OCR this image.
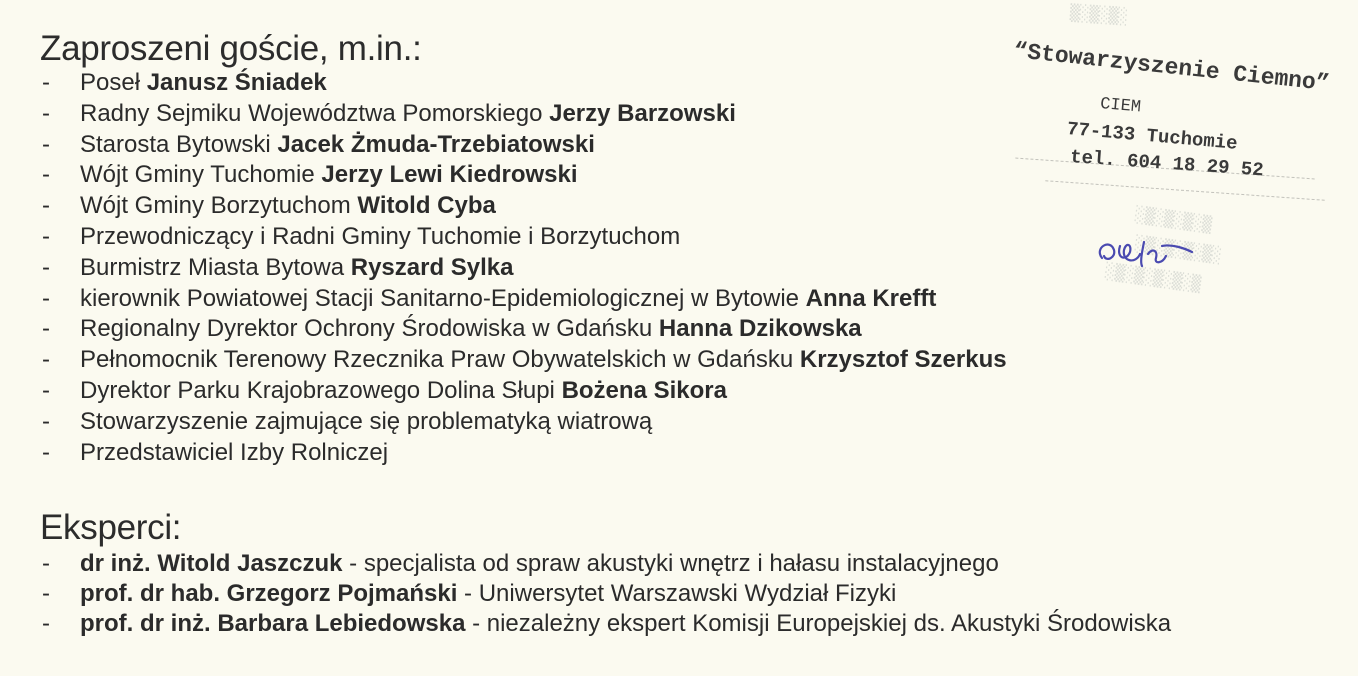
Zaproszeni goście, m.in.:
- Poseł Janusz Śniadek
- Radny Sejmiku Województwa Pomorskiego Jerzy Barzowski
- Starosta Bytowski Jacek Żmuda-Trzebiatowski
- Wójt Gminy Tuchomie Jerzy Lewi Kiedrowski
- Wójt Gminy Borzytuchom Witold Cyba
- Przewodniczący i Radni Gminy Tuchomie i Borzytuchom
- Burmistrz Miasta Bytowa Ryszard Sylka
- kierownik Powiatowej Stacji Sanitarno-Epidemiologicznej w Bytowie Anna Krefft
- Regionalny Dyrektor Ochrony Środowiska w Gdańsku Hanna Dzikowska
- Pełnomocnik Terenowy Rzecznika Praw Obywatelskich w Gdańsku Krzysztof Szerkus
- Dyrektor Parku Krajobrazowego Dolina Słupi Bożena Sikora
- Stowarzyszenie zajmujące się problematyką wiatrową
- Przedstawiciel Izby Rolniczej
Eksperci:
- dr inż. Witold Jaszczuk - specjalista od spraw akustyki wnętrz i hałasu instalacyjnego
- prof. dr hab. Grzegorz Pojmański - Uniwersytet Warszawski Wydział Fizyki
- prof. dr inż. Barbara Lebiedowska - niezależny ekspert Komisji Europejskiej ds. Akustyki Środowiska
▒░▒░▒░
░▒░▒░▒░▒
░▒░▒░▒░▒░
░▒░▒░▒░▒░▒
“Stowarzyszenie Ciemno”
CIEM
77-133 Tuchomie
tel. 604 18 29 52
